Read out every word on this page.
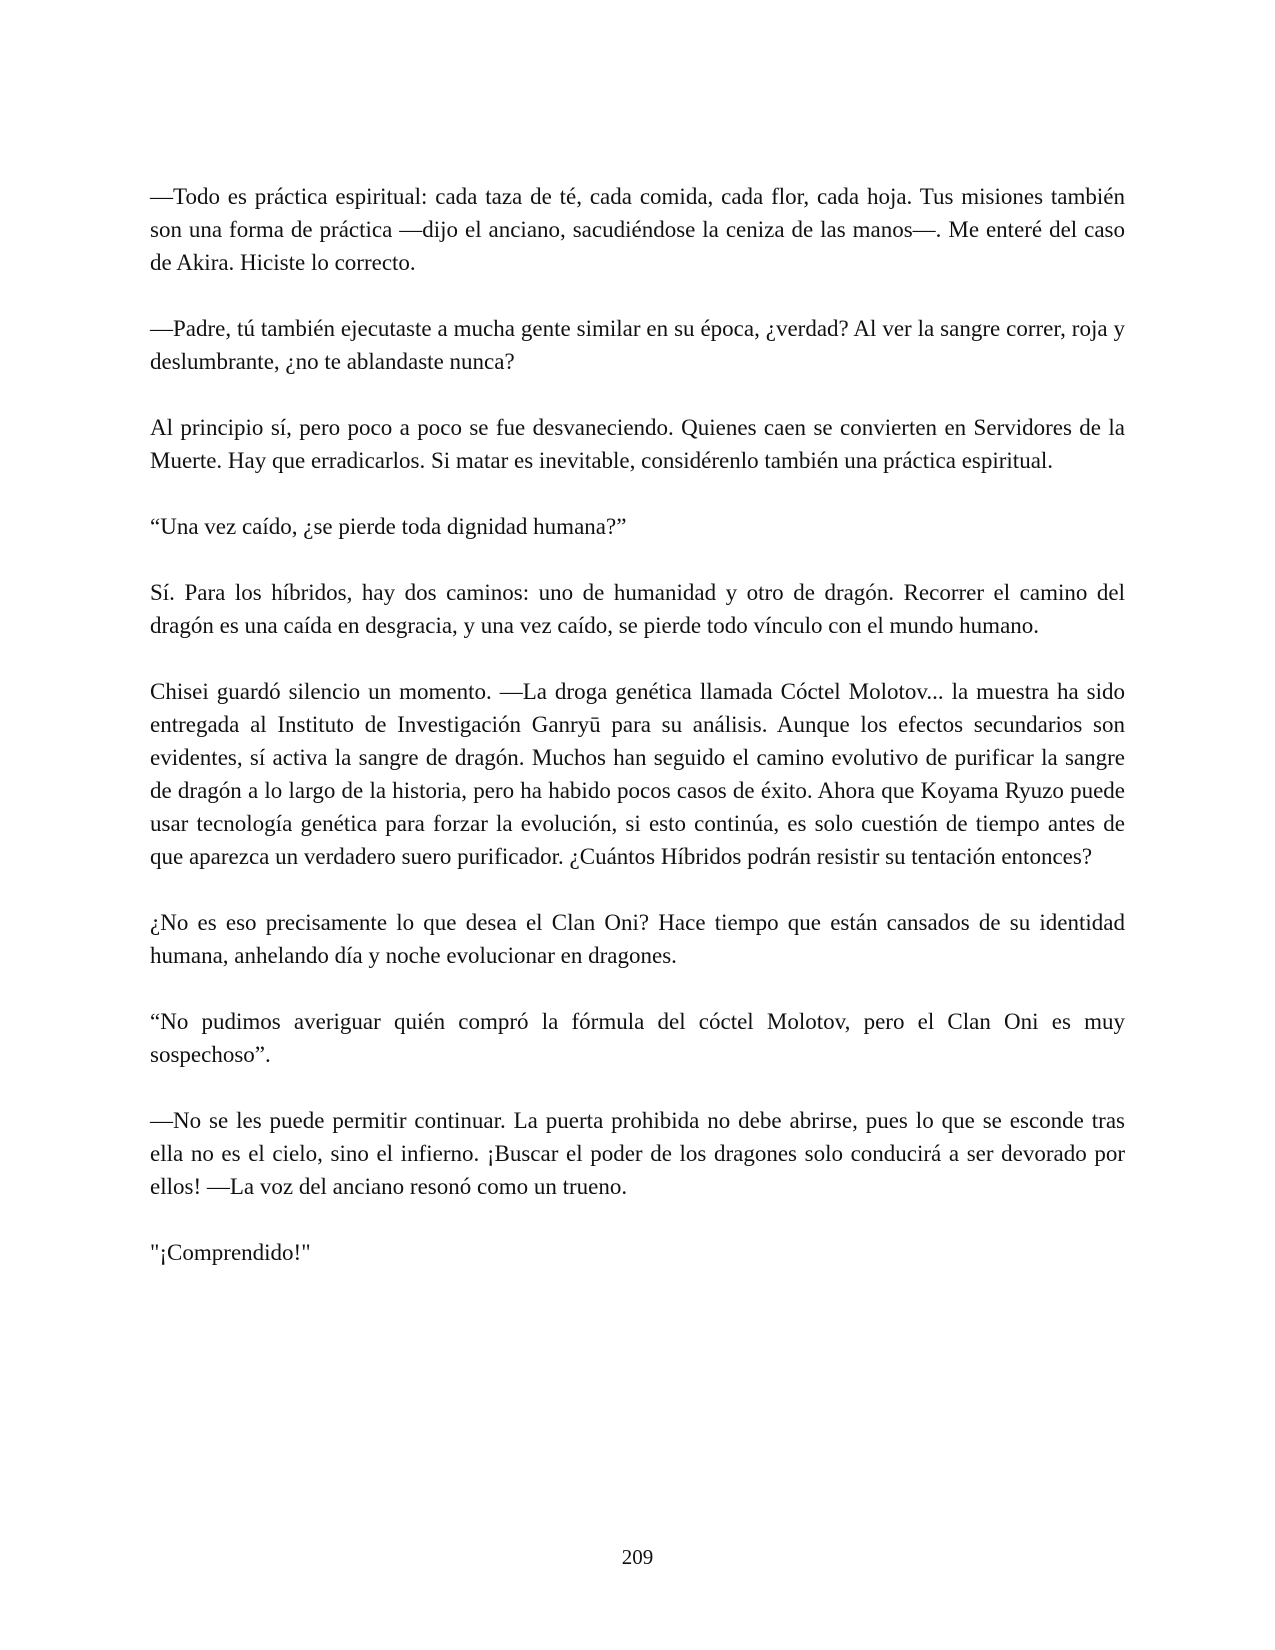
—Todo es práctica espiritual: cada taza de té, cada comida, cada flor, cada hoja. Tus misiones también son una forma de práctica —dijo el anciano, sacudiéndose la ceniza de las manos—. Me enteré del caso de Akira. Hiciste lo correcto.

—Padre, tú también ejecutaste a mucha gente similar en su época, ¿verdad? Al ver la sangre correr, roja y deslumbrante, ¿no te ablandaste nunca?

Al principio sí, pero poco a poco se fue desvaneciendo. Quienes caen se convierten en Servidores de la Muerte. Hay que erradicarlos. Si matar es inevitable, considérenlo también una práctica espiritual.

“Una vez caído, ¿se pierde toda dignidad humana?”

Sí. Para los híbridos, hay dos caminos: uno de humanidad y otro de dragón. Recorrer el camino del dragón es una caída en desgracia, y una vez caído, se pierde todo vínculo con el mundo humano.

Chisei guardó silencio un momento. —La droga genética llamada Cóctel Molotov... la muestra ha sido entregada al Instituto de Investigación Ganryū para su análisis. Aunque los efectos secundarios son evidentes, sí activa la sangre de dragón. Muchos han seguido el camino evolutivo de purificar la sangre de dragón a lo largo de la historia, pero ha habido pocos casos de éxito. Ahora que Koyama Ryuzo puede usar tecnología genética para forzar la evolución, si esto continúa, es solo cuestión de tiempo antes de que aparezca un verdadero suero purificador. ¿Cuántos Híbridos podrán resistir su tentación entonces?

¿No es eso precisamente lo que desea el Clan Oni? Hace tiempo que están cansados de su identidad humana, anhelando día y noche evolucionar en dragones.

“No pudimos averiguar quién compró la fórmula del cóctel Molotov, pero el Clan Oni es muy sospechoso”.

—No se les puede permitir continuar. La puerta prohibida no debe abrirse, pues lo que se esconde tras ella no es el cielo, sino el infierno. ¡Buscar el poder de los dragones solo conducirá a ser devorado por ellos! —La voz del anciano resonó como un trueno.

"¡Comprendido!"

209
